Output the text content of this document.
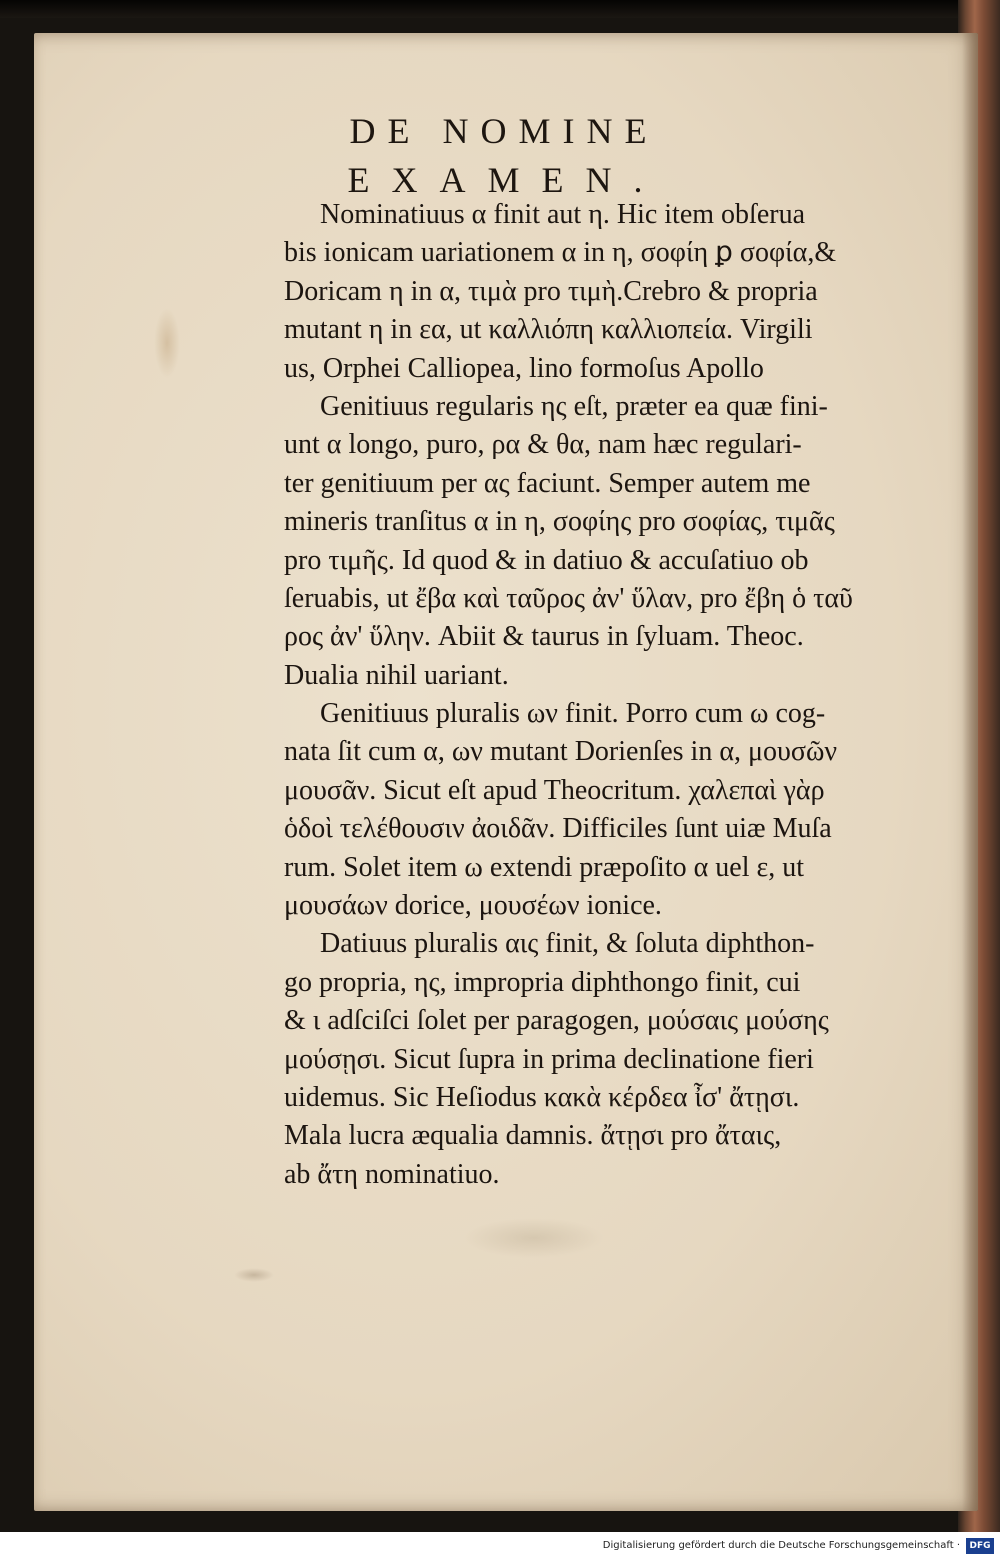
DE NOMINE
EXAMEN.
Nominatiuus α finit aut η. Hic item obſerua
bis ionicam uariationem α in η, σοφίη ꝑ σοφία,&
Doricam η in α, τιμὰ pro τιμὴ.Crebro & propria
mutant η in εα, ut καλλιόπη καλλιοπεία. Virgili
us, Orphei Calliopea, lino formoſus Apollo
Genitiuus regularis ης eſt, præter ea quæ fini‑
unt α longo, puro, ρα & θα, nam hæc regulari‑
ter genitiuum per ας faciunt. Semper autem me
mineris tranſitus α in η, σοφίης pro σοφίας, τιμᾶς
pro τιμῆς. Id quod & in datiuo & accuſatiuo ob
ſeruabis, ut ἔβα καὶ ταῦρος ἀν' ὕλαν, pro ἔβη ὁ ταῦ
ρος ἀν' ὕλην. Abiit & taurus in ſyluam. Theoc.
Dualia nihil uariant.
Genitiuus pluralis ων finit. Porro cum ω cog‑
nata ſit cum α, ων mutant Dorienſes in α, μουσῶν
μουσᾶν. Sicut eſt apud Theocritum. χαλεπαὶ γὰρ
ὁδοὶ τελέθουσιν ἀοιδᾶν. Difficiles ſunt uiæ Muſa
rum. Solet item ω extendi præpoſito α uel ε, ut
μουσάων dorice, μουσέων ionice.
Datiuus pluralis αις finit, & ſoluta diphthon‑
go propria, ης, impropria diphthongo finit, cui
& ι adſciſci ſolet per paragogen, μούσαις μούσης
μούσῃσι. Sicut ſupra in prima declinatione fieri
uidemus. Sic Heſiodus κακὰ κέρδεα ἶσ' ἄτῃσι.
Mala lucra æqualia damnis. ἄτῃσι pro ἄταις,
ab ἄτη nominatiuo.
Digitalisierung gefördert durch die Deutsche Forschungsgemeinschaft ·	DFG
